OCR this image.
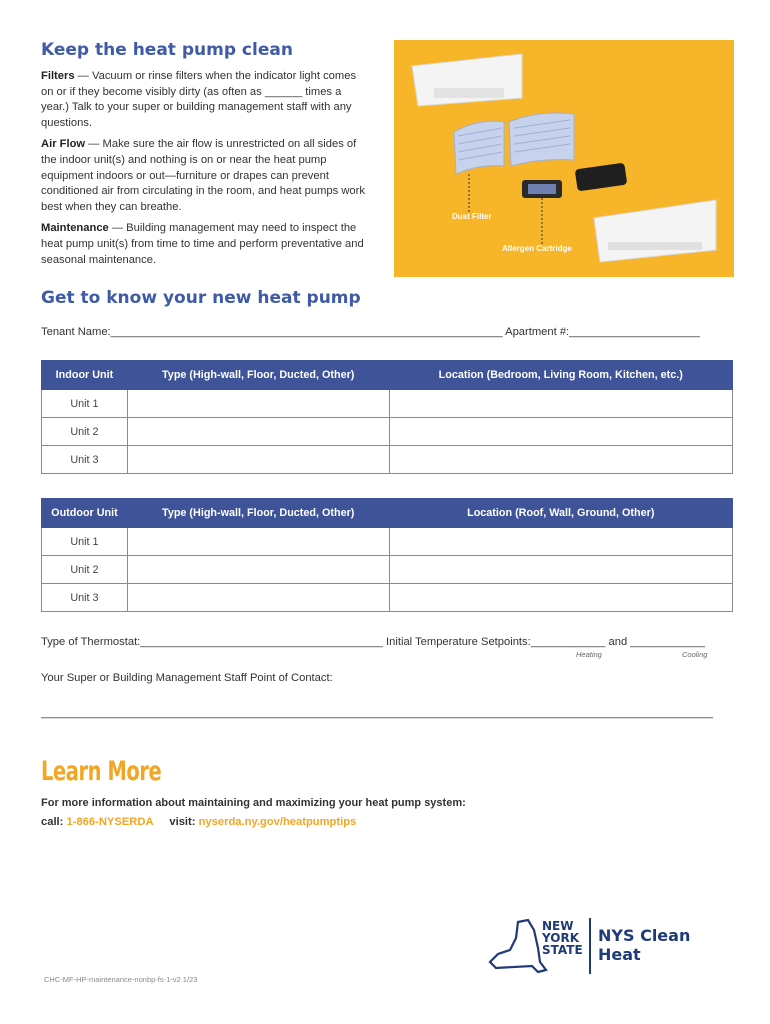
Keep the heat pump clean

Filters — Vacuum or rinse filters when the indicator light comes on or if they become visibly dirty (as often as ______ times a year.) Talk to your super or building management staff with any questions.

Air Flow — Make sure the air flow is unrestricted on all sides of the indoor unit(s) and nothing is on or near the heat pump equipment indoors or out—furniture or drapes can prevent conditioned air from circulating in the room, and heat pumps work best when they can breathe.

Maintenance — Building management may need to inspect the heat pump unit(s) from time to time and perform preventative and seasonal maintenance.

Dust Filter
Allergen Cartridge
Get to know your new heat pump
Tenant Name:_______________________________________________________________ Apartment #:_____________________
Indoor Unit	Type (High-wall, Floor, Ducted, Other)	Location (Bedroom, Living Room, Kitchen, etc.)
Unit 1		
Unit 2		
Unit 3		
Outdoor Unit	Type (High-wall, Floor, Ducted, Other)	Location (Roof, Wall, Ground, Other)
Unit 1		
Unit 2		
Unit 3		
Type of Thermostat:_______________________________________ Initial Temperature Setpoints:____________ and ____________
Heating	Cooling
Your Super or Building Management Staff Point of Contact:
____________________________________________________________________________________________________________
Learn More
For more information about maintaining and maximizing your heat pump system:
call: 1-866-NYSERDA visit: nyserda.ny.gov/heatpumptips
NEW
YORK
STATE
NYS Clean Heat
CHC-MF-HP-maintenance-nonbp-fs-1-v2 1/23
